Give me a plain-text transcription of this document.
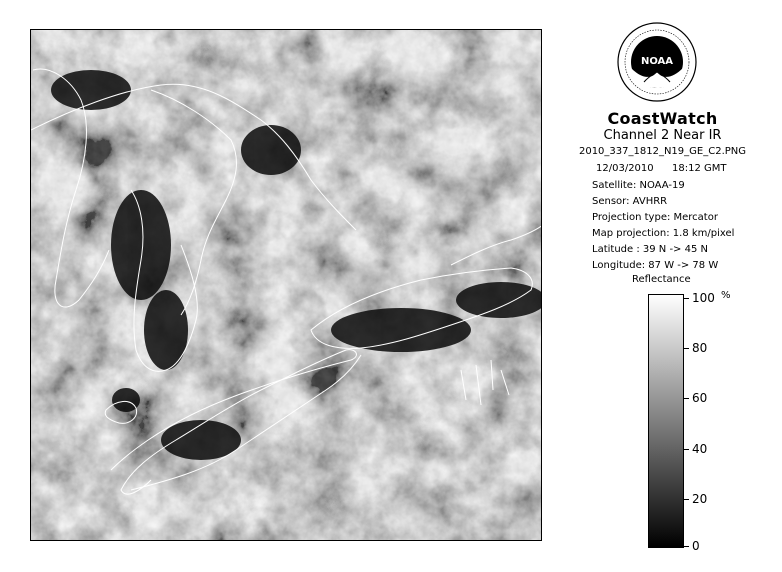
NOAA
CoastWatch
Channel 2 Near IR
2010_337_1812_N19_GE_C2.PNG
12/03/2010 18:12 GMT
Satellite: NOAA-19
Sensor: AVHRR
Projection type: Mercator
Map projection: 1.8 km/pixel
Latitude : 39 N -> 45 N
Longitude: 87 W -> 78 W
Reflectance
%
100
80
60
40
20
0
